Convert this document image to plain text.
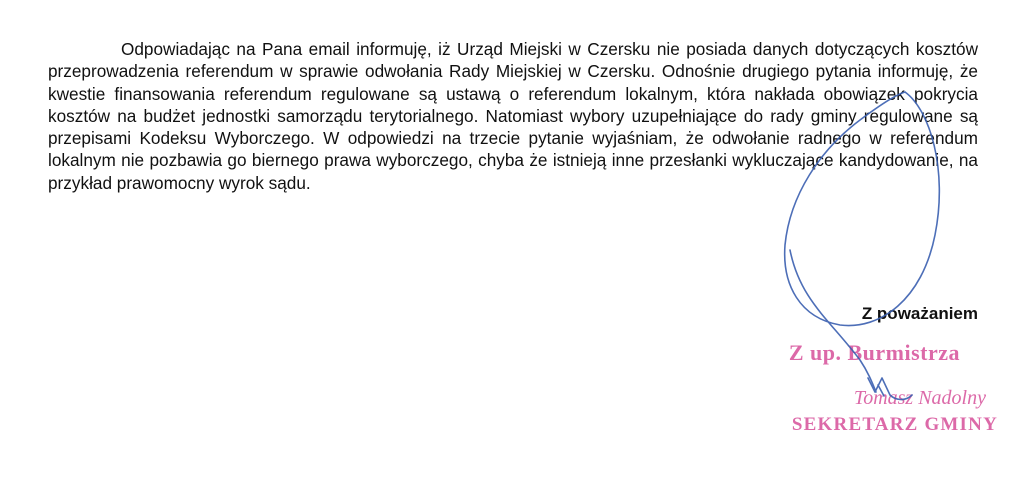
Odpowiadając na Pana email informuję, iż Urząd Miejski w Czersku nie posiada danych dotyczących kosztów przeprowadzenia referendum w sprawie odwołania Rady Miejskiej w Czersku. Odnośnie drugiego pytania informuję, że kwestie finansowania referendum regulowane są ustawą o referendum lokalnym, która nakłada obowiązek pokrycia kosztów na budżet jednostki samorządu terytorialnego. Natomiast wybory uzupełniające do rady gminy regulowane są przepisami Kodeksu Wyborczego. W odpowiedzi na trzecie pytanie wyjaśniam, że odwołanie radnego w referendum lokalnym nie pozbawia go biernego prawa wyborczego, chyba że istnieją inne przesłanki wykluczające kandydowanie, na przykład prawomocny wyrok sądu.

Z poważaniem
Z up. Burmistrza
Tomasz Nadolny
SEKRETARZ GMINY
